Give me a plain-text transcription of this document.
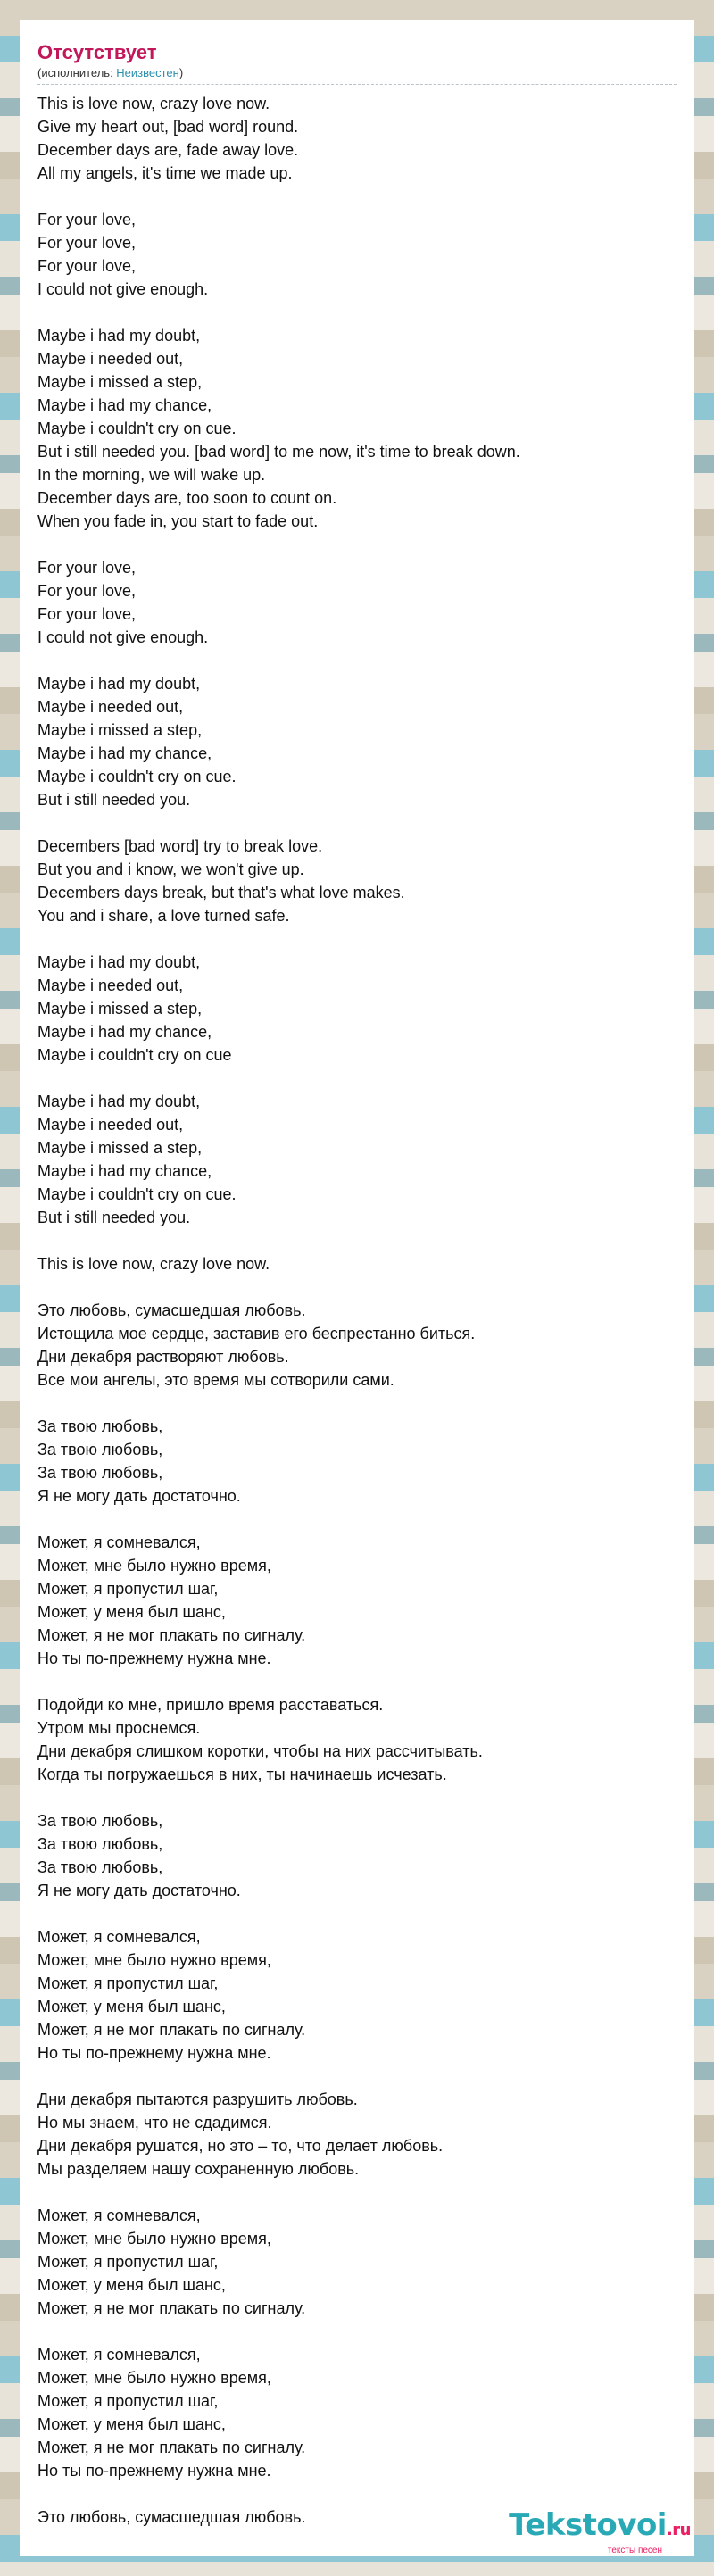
Отсутствует
(исполнитель: Неизвестен)
This is love now, crazy love now.
Give my heart out, [bad word] round.
December days are, fade away love.
All my angels, it's time we made up.
For your love,
For your love,
For your love,
I could not give enough.
Maybe i had my doubt,
Maybe i needed out,
Maybe i missed a step,
Maybe i had my chance,
Maybe i couldn't cry on cue.
But i still needed you. [bad word] to me now, it's time to break down.
In the morning, we will wake up.
December days are, too soon to count on.
When you fade in, you start to fade out.
For your love,
For your love,
For your love,
I could not give enough.
Maybe i had my doubt,
Maybe i needed out,
Maybe i missed a step,
Maybe i had my chance,
Maybe i couldn't cry on cue.
But i still needed you.
Decembers [bad word] try to break love.
But you and i know, we won't give up.
Decembers days break, but that's what love makes.
You and i share, a love turned safe.
Maybe i had my doubt,
Maybe i needed out,
Maybe i missed a step,
Maybe i had my chance,
Maybe i couldn't cry on cue
Maybe i had my doubt,
Maybe i needed out,
Maybe i missed a step,
Maybe i had my chance,
Maybe i couldn't cry on cue.
But i still needed you.
This is love now, crazy love now.
Это любовь, сумасшедшая любовь.
Истощила мое сердце, заставив его беспрестанно биться.
Дни декабря растворяют любовь.
Все мои ангелы, это время мы сотворили сами.
За твою любовь,
За твою любовь,
За твою любовь,
Я не могу дать достаточно.
Может, я сомневался,
Может, мне было нужно время,
Может, я пропустил шаг,
Может, у меня был шанс,
Может, я не мог плакать по сигналу.
Но ты по-прежнему нужна мне.
Подойди ко мне, пришло время расставаться.
Утром мы проснемся.
Дни декабря слишком коротки, чтобы на них рассчитывать.
Когда ты погружаешься в них, ты начинаешь исчезать.
За твою любовь,
За твою любовь,
За твою любовь,
Я не могу дать достаточно.
Может, я сомневался,
Может, мне было нужно время,
Может, я пропустил шаг,
Может, у меня был шанс,
Может, я не мог плакать по сигналу.
Но ты по-прежнему нужна мне.
Дни декабря пытаются разрушить любовь.
Но мы знаем, что не сдадимся.
Дни декабря рушатся, но это – то, что делает любовь.
Мы разделяем нашу сохраненную любовь.
Может, я сомневался,
Может, мне было нужно время,
Может, я пропустил шаг,
Может, у меня был шанс,
Может, я не мог плакать по сигналу.
Может, я сомневался,
Может, мне было нужно время,
Может, я пропустил шаг,
Может, у меня был шанс,
Может, я не мог плакать по сигналу.
Но ты по-прежнему нужна мне.
Это любовь, сумасшедшая любовь.	Tekstovoi.ru
тексты песен
